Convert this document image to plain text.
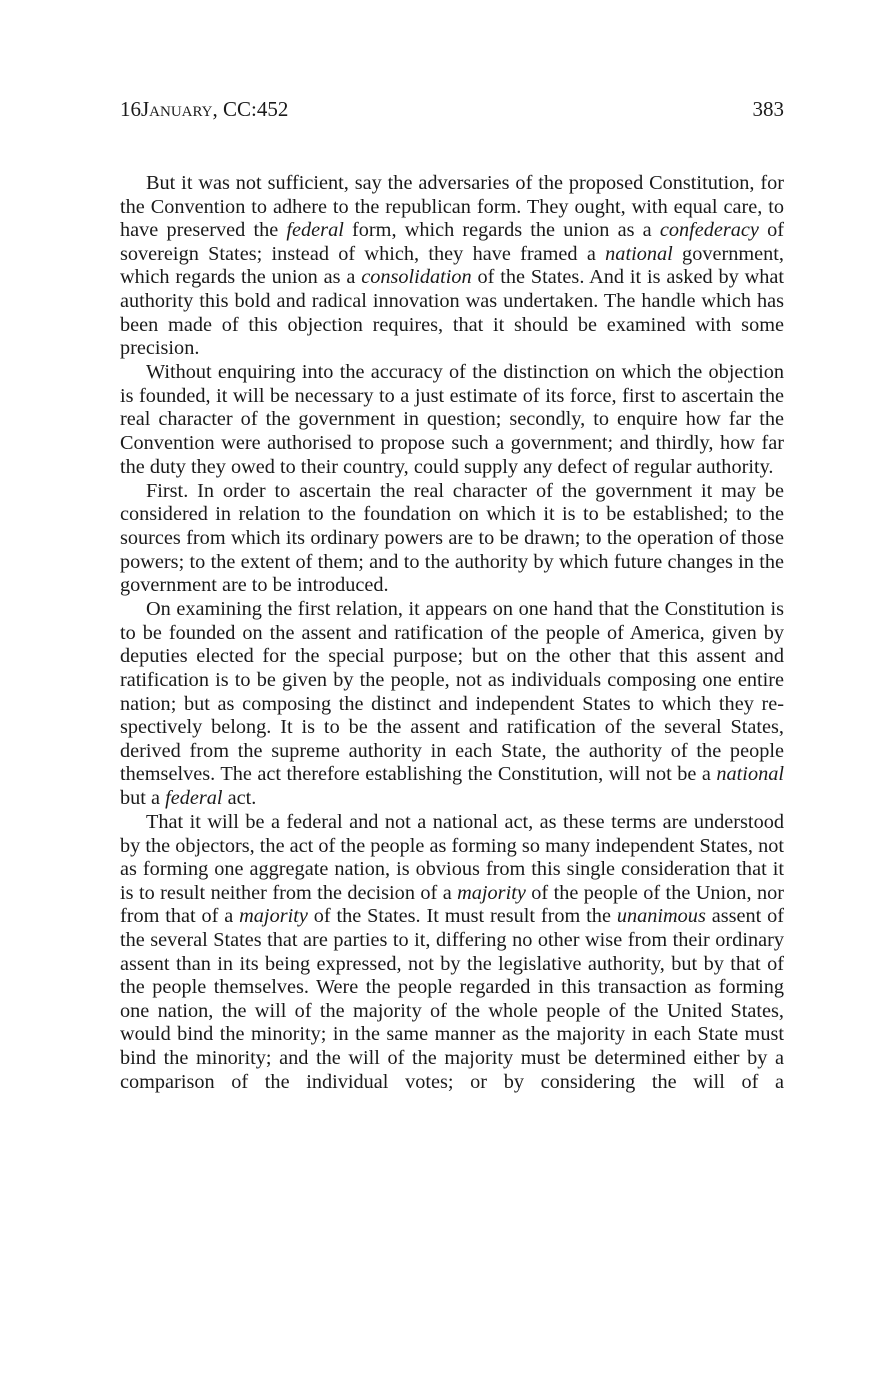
16January, CC:452	383

But it was not sufficient, say the adversaries of the proposed Constitution, for the Convention to adhere to the republican form. They ought, with equal care, to have preserved the federal form, which regards the union as a confederacy of sovereign States; instead of which, they have framed a national government, which regards the union as a consolidation of the States. And it is asked by what authority this bold and radical innovation was undertaken. The handle which has been made of this objection requires, that it should be examined with some precision.

Without enquiring into the accuracy of the distinction on which the objection is founded, it will be necessary to a just estimate of its force, first to ascertain the real character of the government in question; secondly, to enquire how far the Convention were authorised to propose such a government; and thirdly, how far the duty they owed to their country, could supply any defect of regular authority.

First. In order to ascertain the real character of the government it may be considered in relation to the foundation on which it is to be established; to the sources from which its ordinary powers are to be drawn; to the operation of those powers; to the extent of them; and to the authority by which future changes in the government are to be introduced.

On examining the first relation, it appears on one hand that the Constitution is to be founded on the assent and ratification of the people of America, given by deputies elected for the special purpose; but on the other that this assent and ratification is to be given by the people, not as individuals composing one entire nation; but as composing the distinct and independent States to which they respectively belong. It is to be the assent and ratification of the several States, derived from the supreme authority in each State, the authority of the people themselves. The act therefore establishing the Constitution, will not be a national but a federal act.

That it will be a federal and not a national act, as these terms are understood by the objectors, the act of the people as forming so many independent States, not as forming one aggregate nation, is obvious from this single consideration that it is to result neither from the decision of a majority of the people of the Union, nor from that of a majority of the States. It must result from the unanimous assent of the several States that are parties to it, differing no other wise from their ordinary assent than in its being expressed, not by the legislative authority, but by that of the people themselves. Were the people regarded in this transaction as forming one nation, the will of the majority of the whole people of the United States, would bind the minority; in the same manner as the majority in each State must bind the minority; and the will of the majority must be determined either by a comparison of the individual votes; or by considering the will of a
